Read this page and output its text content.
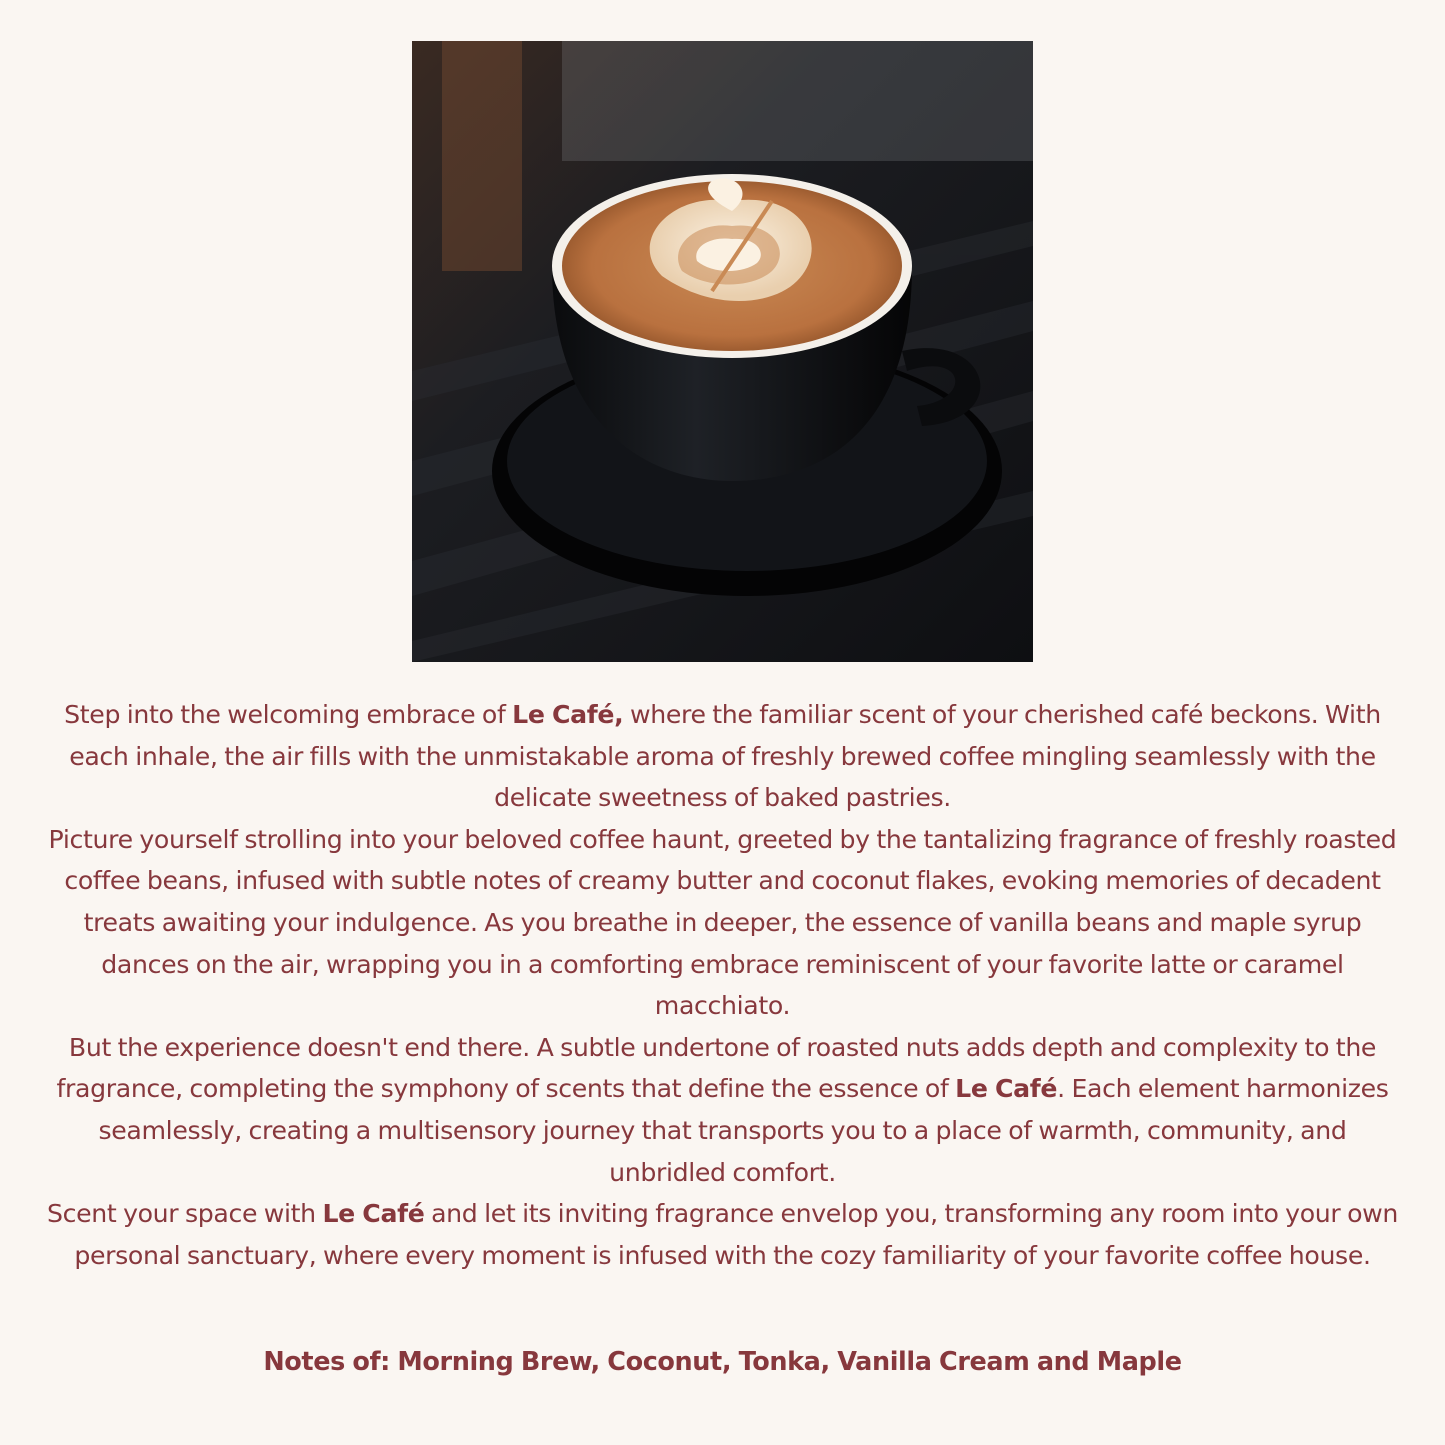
Step into the welcoming embrace of Le Café, where the familiar scent of your cherished café beckons. With each inhale, the air fills with the unmistakable aroma of freshly brewed coffee mingling seamlessly with the delicate sweetness of baked pastries.

Picture yourself strolling into your beloved coffee haunt, greeted by the tantalizing fragrance of freshly roasted coffee beans, infused with subtle notes of creamy butter and coconut flakes, evoking memories of decadent treats awaiting your indulgence. As you breathe in deeper, the essence of vanilla beans and maple syrup dances on the air, wrapping you in a comforting embrace reminiscent of your favorite latte or caramel macchiato.

But the experience doesn't end there. A subtle undertone of roasted nuts adds depth and complexity to the fragrance, completing the symphony of scents that define the essence of Le Café. Each element harmonizes seamlessly, creating a multisensory journey that transports you to a place of warmth, community, and unbridled comfort.

Scent your space with Le Café and let its inviting fragrance envelop you, transforming any room into your own personal sanctuary, where every moment is infused with the cozy familiarity of your favorite coffee house.

Notes of: Morning Brew, Coconut, Tonka, Vanilla Cream and Maple
